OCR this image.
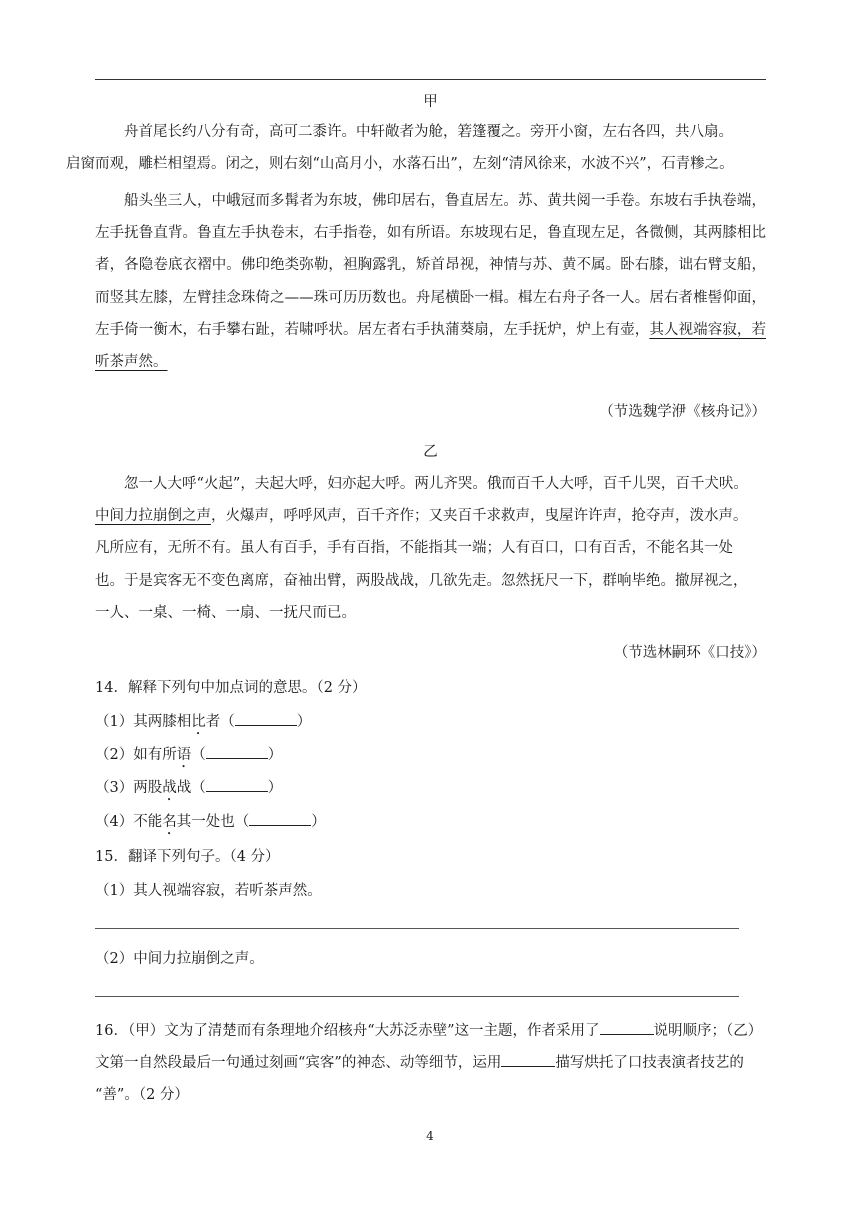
甲
舟首尾长约八分有奇，高可二黍许。中轩敞者为舱，箬篷覆之。旁开小窗，左右各四，共八扇。
启窗而观，雕栏相望焉。闭之，则右刻“山高月小，水落石出”，左刻“清风徐来，水波不兴”，石青糁之。
船头坐三人，中峨冠而多髯者为东坡，佛印居右，鲁直居左。苏、黄共阅一手卷。东坡右手执卷端，左手抚鲁直背。鲁直左手执卷末，右手指卷，如有所语。东坡现右足，鲁直现左足，各微侧，其两膝相比者，各隐卷底衣褶中。佛印绝类弥勒，袒胸露乳，矫首昂视，神情与苏、黄不属。卧右膝，诎右臂支船，而竖其左膝，左臂挂念珠倚之——珠可历历数也。舟尾横卧一楫。楫左右舟子各一人。居右者椎髻仰面，左手倚一衡木，右手攀右趾，若啸呼状。居左者右手执蒲葵扇，左手抚炉，炉上有壶，其人视端容寂，若听茶声然。
（节选魏学洢《核舟记》）
乙
忽一人大呼“火起”，夫起大呼，妇亦起大呼。两儿齐哭。俄而百千人大呼，百千儿哭，百千犬吠。
中间力拉崩倒之声，火爆声，呼呼风声，百千齐作；又夹百千求救声，曳屋许许声，抢夺声，泼水声。
凡所应有，无所不有。虽人有百手，手有百指，不能指其一端；人有百口，口有百舌，不能名其一处
也。于是宾客无不变色离席，奋袖出臂，两股战战，几欲先走。忽然抚尺一下，群响毕绝。撤屏视之，
一人、一桌、一椅、一扇、一抚尺而已。
（节选林嗣环《口技》）
14．解释下列句中加点词的意思。（2 分）
（1）其两膝相比者（	）
（2）如有所语（	）
（3）两股战战（	）
（4）不能名其一处也（	）
15．翻译下列句子。（4 分）
（1）其人视端容寂，若听茶声然。
（2）中间力拉崩倒之声。
16．（甲）文为了清楚而有条理地介绍核舟“大苏泛赤壁”这一主题，作者采用了	说明顺序；（乙）
文第一自然段最后一句通过刻画“宾客”的神态、动等细节，运用	描写烘托了口技表演者技艺的
“善”。（2 分）
4
